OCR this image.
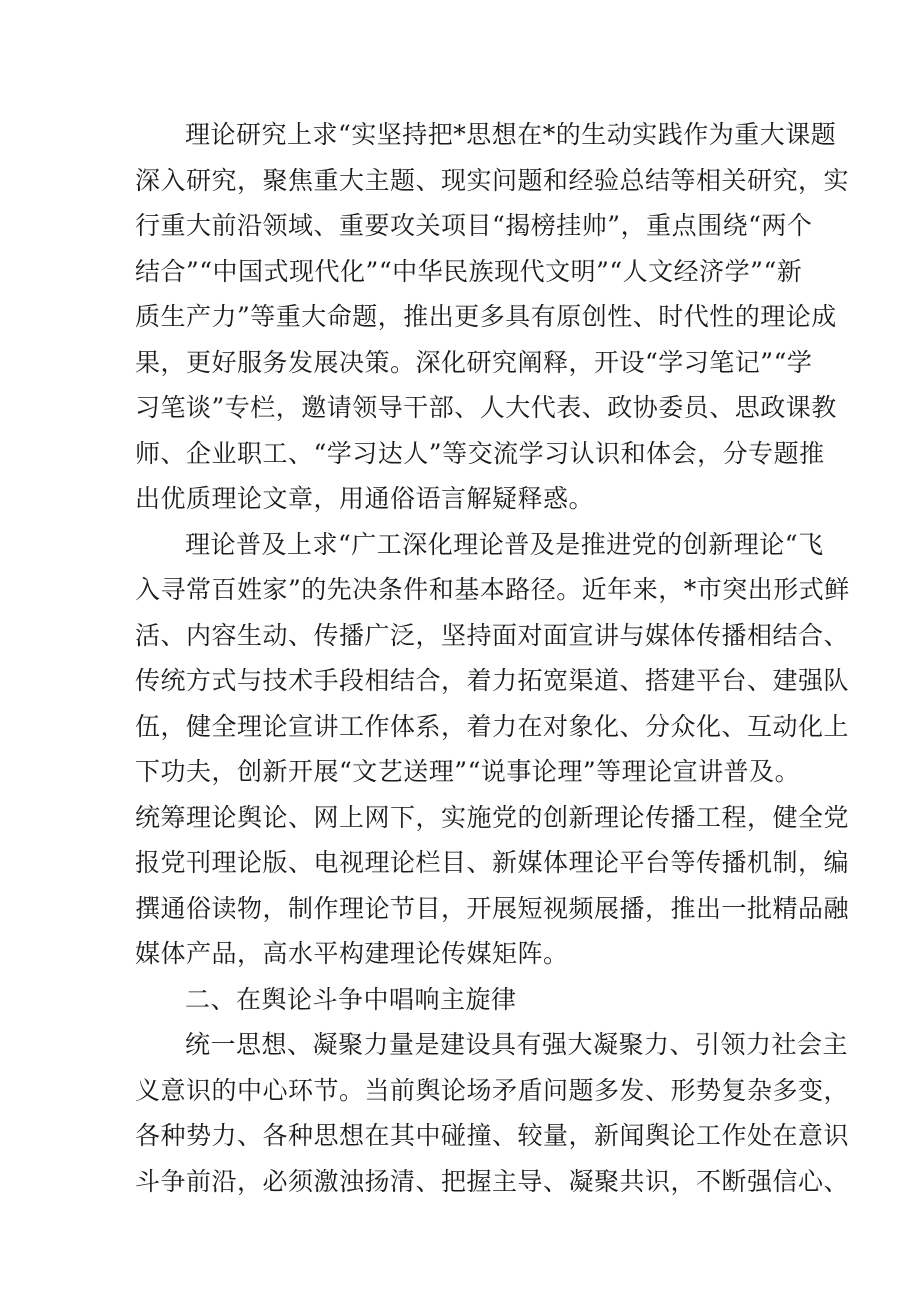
理论研究上求“实坚持把*思想在*的生动实践作为重大课题
深入研究，聚焦重大主题、现实问题和经验总结等相关研究，实
行重大前沿领域、重要攻关项目“揭榜挂帅”，重点围绕“两个
结合”“中国式现代化”“中华民族现代文明”“人文经济学”“新
质生产力”等重大命题，推出更多具有原创性、时代性的理论成
果，更好服务发展决策。深化研究阐释，开设“学习笔记”“学
习笔谈”专栏，邀请领导干部、人大代表、政协委员、思政课教
师、企业职工、“学习达人”等交流学习认识和体会，分专题推
出优质理论文章，用通俗语言解疑释惑。
理论普及上求“广工深化理论普及是推进党的创新理论“飞
入寻常百姓家”的先决条件和基本路径。近年来，*市突出形式鲜
活、内容生动、传播广泛，坚持面对面宣讲与媒体传播相结合、
传统方式与技术手段相结合，着力拓宽渠道、搭建平台、建强队
伍，健全理论宣讲工作体系，着力在对象化、分众化、互动化上
下功夫，创新开展“文艺送理”“说事论理”等理论宣讲普及。
统筹理论舆论、网上网下，实施党的创新理论传播工程，健全党
报党刊理论版、电视理论栏目、新媒体理论平台等传播机制，编
撰通俗读物，制作理论节目，开展短视频展播，推出一批精品融
媒体产品，高水平构建理论传媒矩阵。
二、在舆论斗争中唱响主旋律
统一思想、凝聚力量是建设具有强大凝聚力、引领力社会主
义意识的中心环节。当前舆论场矛盾问题多发、形势复杂多变，
各种势力、各种思想在其中碰撞、较量，新闻舆论工作处在意识
斗争前沿，必须激浊扬清、把握主导、凝聚共识，不断强信心、
